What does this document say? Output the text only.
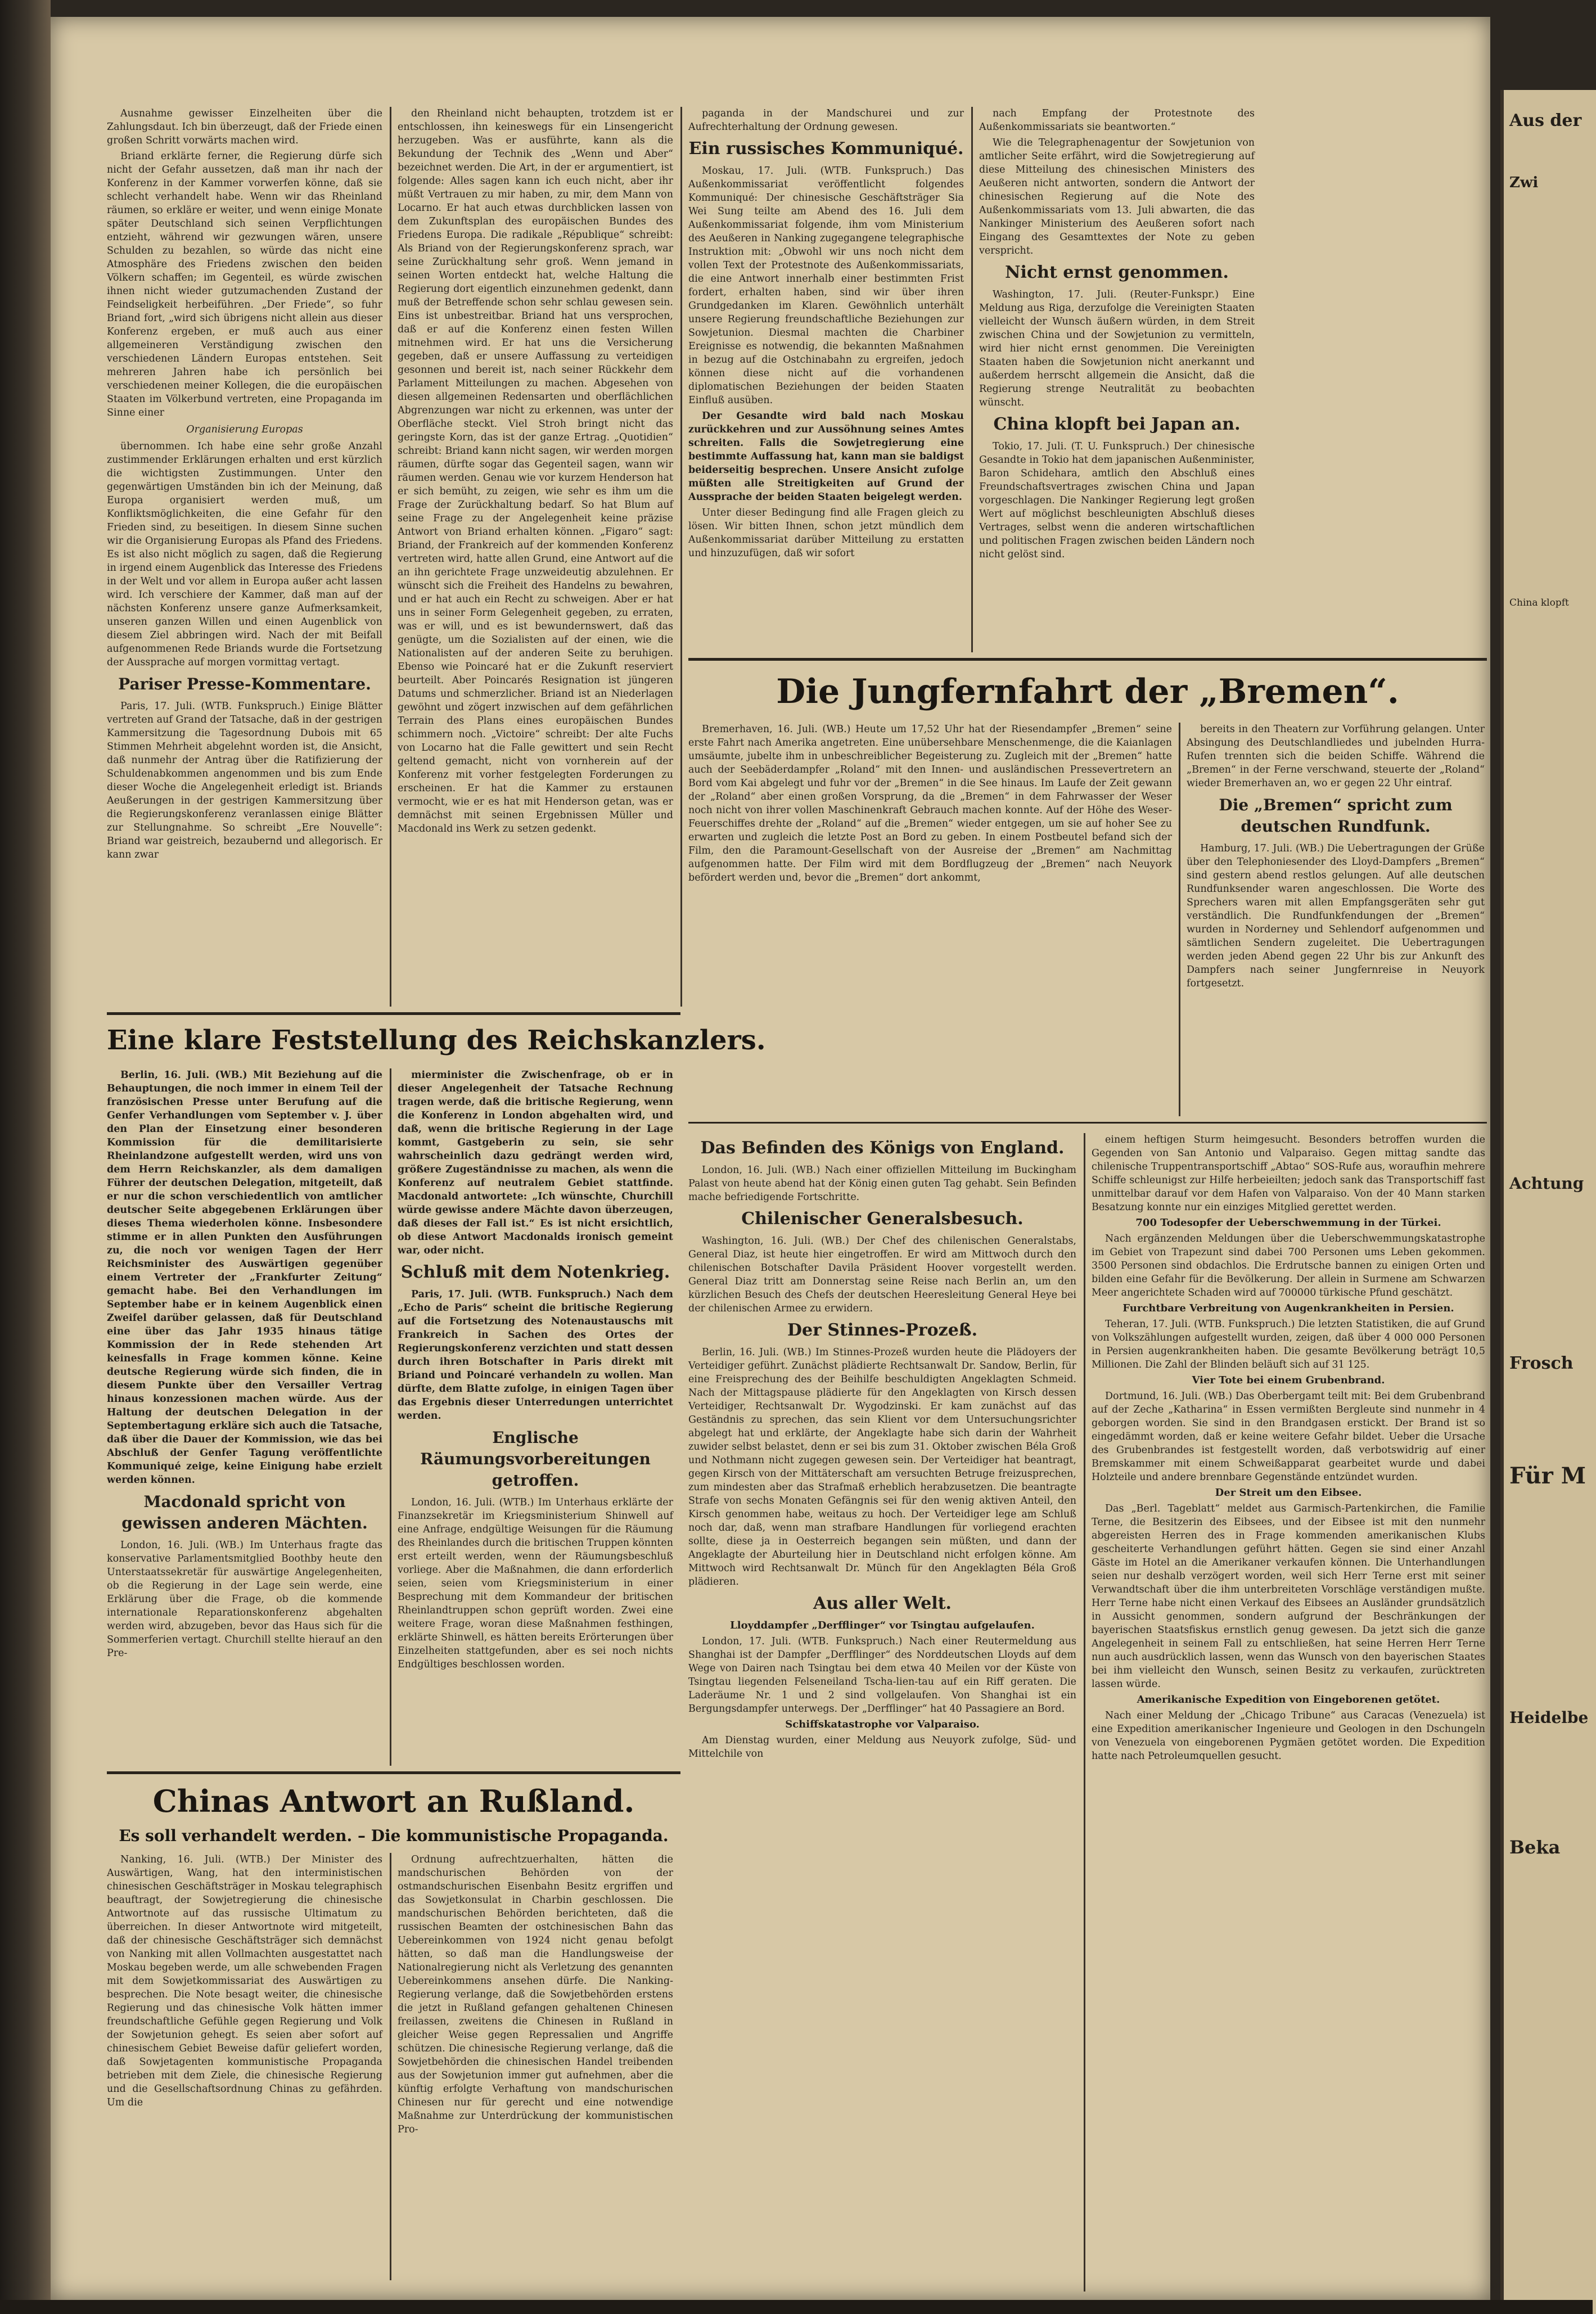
Ausnahme gewisser Einzelheiten über die Zahlungsdaut. Ich bin überzeugt, daß der Friede einen großen Schritt vorwärts machen wird.

Briand erklärte ferner, die Regierung dürfe sich nicht der Gefahr aussetzen, daß man ihr nach der Konferenz in der Kammer vorwerfen könne, daß sie schlecht verhandelt habe. Wenn wir das Rheinland räumen, so erkläre er weiter, und wenn einige Monate später Deutschland sich seinen Verpflichtungen entzieht, während wir gezwungen wären, unsere Schulden zu bezahlen, so würde das nicht eine Atmosphäre des Friedens zwischen den beiden Völkern schaffen; im Gegenteil, es würde zwischen ihnen nicht wieder gutzumachenden Zustand der Feindseligkeit herbeiführen. „Der Friede“, so fuhr Briand fort, „wird sich übrigens nicht allein aus dieser Konferenz ergeben, er muß auch aus einer allgemeineren Verständigung zwischen den verschiedenen Ländern Europas entstehen. Seit mehreren Jahren habe ich persönlich bei verschiedenen meiner Kollegen, die die europäischen Staaten im Völkerbund vertreten, eine Propaganda im Sinne einer

Organisierung Europas

übernommen. Ich habe eine sehr große Anzahl zustimmender Erklärungen erhalten und erst kürzlich die wichtigsten Zustimmungen. Unter den gegenwärtigen Umständen bin ich der Meinung, daß Europa organisiert werden muß, um Konfliktsmöglichkeiten, die eine Gefahr für den Frieden sind, zu beseitigen. In diesem Sinne suchen wir die Organisierung Europas als Pfand des Friedens. Es ist also nicht möglich zu sagen, daß die Regierung in irgend einem Augenblick das Interesse des Friedens in der Welt und vor allem in Europa außer acht lassen wird. Ich verschiere der Kammer, daß man auf der nächsten Konferenz unsere ganze Aufmerksamkeit, unseren ganzen Willen und einen Augenblick von diesem Ziel abbringen wird. Nach der mit Beifall aufgenommenen Rede Briands wurde die Fortsetzung der Aussprache auf morgen vormittag vertagt.

Pariser Presse-Kommentare.

Paris, 17. Juli. (WTB. Funkspruch.) Einige Blätter vertreten auf Grand der Tatsache, daß in der gestrigen Kammersitzung die Tagesordnung Dubois mit 65 Stimmen Mehrheit abgelehnt worden ist, die Ansicht, daß nunmehr der Antrag über die Ratifizierung der Schuldenabkommen angenommen und bis zum Ende dieser Woche die Angelegenheit erledigt ist. Briands Aeußerungen in der gestrigen Kammersitzung über die Regierungskonferenz veranlassen einige Blätter zur Stellungnahme. So schreibt „Ere Nouvelle“: Briand war geistreich, bezaubernd und allegorisch. Er kann zwar

den Rheinland nicht behaupten, trotzdem ist er entschlossen, ihn keineswegs für ein Linsengericht herzugeben. Was er ausführte, kann als die Bekundung der Technik des „Wenn und Aber“ bezeichnet werden. Die Art, in der er argumentiert, ist folgende: Alles sagen kann ich euch nicht, aber ihr müßt Vertrauen zu mir haben, zu mir, dem Mann von Locarno. Er hat auch etwas durchblicken lassen von dem Zukunftsplan des europäischen Bundes des Friedens Europa. Die radikale „République“ schreibt: Als Briand von der Regierungskonferenz sprach, war seine Zurückhaltung sehr groß. Wenn jemand in seinen Worten entdeckt hat, welche Haltung die Regierung dort eigentlich einzunehmen gedenkt, dann muß der Betreffende schon sehr schlau gewesen sein. Eins ist unbestreitbar. Briand hat uns versprochen, daß er auf die Konferenz einen festen Willen mitnehmen wird. Er hat uns die Versicherung gegeben, daß er unsere Auffassung zu verteidigen gesonnen und bereit ist, nach seiner Rückkehr dem Parlament Mitteilungen zu machen. Abgesehen von diesen allgemeinen Redensarten und oberflächlichen Abgrenzungen war nicht zu erkennen, was unter der Oberfläche steckt. Viel Stroh bringt nicht das geringste Korn, das ist der ganze Ertrag. „Quotidien“ schreibt: Briand kann nicht sagen, wir werden morgen räumen, dürfte sogar das Gegenteil sagen, wann wir räumen werden. Genau wie vor kurzem Henderson hat er sich bemüht, zu zeigen, wie sehr es ihm um die Frage der Zurückhaltung bedarf. So hat Blum auf seine Frage zu der Angelegenheit keine präzise Antwort von Briand erhalten können. „Figaro“ sagt: Briand, der Frankreich auf der kommenden Konferenz vertreten wird, hatte allen Grund, eine Antwort auf die an ihn gerichtete Frage unzweideutig abzulehnen. Er wünscht sich die Freiheit des Handelns zu bewahren, und er hat auch ein Recht zu schweigen. Aber er hat uns in seiner Form Gelegenheit gegeben, zu erraten, was er will, und es ist bewundernswert, daß das genügte, um die Sozialisten auf der einen, wie die Nationalisten auf der anderen Seite zu beruhigen. Ebenso wie Poincaré hat er die Zukunft reserviert beurteilt. Aber Poincarés Resignation ist jüngeren Datums und schmerzlicher. Briand ist an Niederlagen gewöhnt und zögert inzwischen auf dem gefährlichen Terrain des Plans eines europäischen Bundes schimmern noch. „Victoire“ schreibt: Der alte Fuchs von Locarno hat die Falle gewittert und sein Recht geltend gemacht, nicht von vornherein auf der Konferenz mit vorher festgelegten Forderungen zu erscheinen. Er hat die Kammer zu erstaunen vermocht, wie er es hat mit Henderson getan, was er demnächst mit seinen Ergebnissen Müller und Macdonald ins Werk zu setzen gedenkt.

paganda in der Mandschurei und zur Aufrechterhaltung der Ordnung gewesen.

Ein russisches Kommuniqué.

Moskau, 17. Juli. (WTB. Funkspruch.) Das Außenkommissariat veröffentlicht folgendes Kommuniqué: Der chinesische Geschäftsträger Sia Wei Sung teilte am Abend des 16. Juli dem Außenkommissariat folgende, ihm vom Ministerium des Aeußeren in Nanking zugegangene telegraphische Instruktion mit: „Obwohl wir uns noch nicht dem vollen Text der Protestnote des Außenkommissariats, die eine Antwort innerhalb einer bestimmten Frist fordert, erhalten haben, sind wir über ihren Grundgedanken im Klaren. Gewöhnlich unterhält unsere Regierung freundschaftliche Beziehungen zur Sowjetunion. Diesmal machten die Charbiner Ereignisse es notwendig, die bekannten Maßnahmen in bezug auf die Ostchinabahn zu ergreifen, jedoch können diese nicht auf die vorhandenen diplomatischen Beziehungen der beiden Staaten Einfluß ausüben.

Der Gesandte wird bald nach Moskau zurückkehren und zur Aussöhnung seines Amtes schreiten. Falls die Sowjetregierung eine bestimmte Auffassung hat, kann man sie baldigst beiderseitig besprechen. Unsere Ansicht zufolge müßten alle Streitigkeiten auf Grund der Aussprache der beiden Staaten beigelegt werden.

Unter dieser Bedingung find alle Fragen gleich zu lösen. Wir bitten Ihnen, schon jetzt mündlich dem Außenkommissariat darüber Mitteilung zu erstatten und hinzuzufügen, daß wir sofort

nach Empfang der Protestnote des Außenkommissariats sie beantworten.“

Wie die Telegraphenagentur der Sowjetunion von amtlicher Seite erfährt, wird die Sowjetregierung auf diese Mitteilung des chinesischen Ministers des Aeußeren nicht antworten, sondern die Antwort der chinesischen Regierung auf die Note des Außenkommissariats vom 13. Juli abwarten, die das Nankinger Ministerium des Aeußeren sofort nach Eingang des Gesamttextes der Note zu geben verspricht.

Nicht ernst genommen.

Washington, 17. Juli. (Reuter-Funkspr.) Eine Meldung aus Riga, derzufolge die Vereinigten Staaten vielleicht der Wunsch äußern würden, in dem Streit zwischen China und der Sowjetunion zu vermitteln, wird hier nicht ernst genommen. Die Vereinigten Staaten haben die Sowjetunion nicht anerkannt und außerdem herrscht allgemein die Ansicht, daß die Regierung strenge Neutralität zu beobachten wünscht.

China klopft bei Japan an.

Tokio, 17. Juli. (T. U. Funkspruch.) Der chinesische Gesandte in Tokio hat dem japanischen Außenminister, Baron Schidehara, amtlich den Abschluß eines Freundschaftsvertrages zwischen China und Japan vorgeschlagen. Die Nankinger Regierung legt großen Wert auf möglichst beschleunigten Abschluß dieses Vertrages, selbst wenn die anderen wirtschaftlichen und politischen Fragen zwischen beiden Ländern noch nicht gelöst sind.

Die Jungfernfahrt der „Bremen“.

Bremerhaven, 16. Juli. (WB.) Heute um 17,52 Uhr hat der Riesendampfer „Bremen“ seine erste Fahrt nach Amerika angetreten. Eine unübersehbare Menschenmenge, die die Kaianlagen umsäumte, jubelte ihm in unbeschreiblicher Begeisterung zu. Zugleich mit der „Bremen“ hatte auch der Seebäderdampfer „Roland“ mit den Innen- und ausländischen Pressevertretern an Bord vom Kai abgelegt und fuhr vor der „Bremen“ in die See hinaus. Im Laufe der Zeit gewann der „Roland“ aber einen großen Vorsprung, da die „Bremen“ in dem Fahrwasser der Weser noch nicht von ihrer vollen Maschinenkraft Gebrauch machen konnte. Auf der Höhe des Weser-Feuerschiffes drehte der „Roland“ auf die „Bremen“ wieder entgegen, um sie auf hoher See zu erwarten und zugleich die letzte Post an Bord zu geben. In einem Postbeutel befand sich der Film, den die Paramount-Gesellschaft von der Ausreise der „Bremen“ am Nachmittag aufgenommen hatte. Der Film wird mit dem Bordflugzeug der „Bremen“ nach Neuyork befördert werden und, bevor die „Bremen“ dort ankommt,

bereits in den Theatern zur Vorführung gelangen. Unter Absingung des Deutschlandliedes und jubelnden Hurra-Rufen trennten sich die beiden Schiffe. Während die „Bremen“ in der Ferne verschwand, steuerte der „Roland“ wieder Bremerhaven an, wo er gegen 22 Uhr eintraf.

Die „Bremen“ spricht zum deutschen Rundfunk.

Hamburg, 17. Juli. (WB.) Die Uebertragungen der Grüße über den Telephoniesender des Lloyd-Dampfers „Bremen“ sind gestern abend restlos gelungen. Auf alle deutschen Rundfunksender waren angeschlossen. Die Worte des Sprechers waren mit allen Empfangsgeräten sehr gut verständlich. Die Rundfunkfendungen der „Bremen“ wurden in Norderney und Sehlendorf aufgenommen und sämtlichen Sendern zugeleitet. Die Uebertragungen werden jeden Abend gegen 22 Uhr bis zur Ankunft des Dampfers nach seiner Jungfernreise in Neuyork fortgesetzt.

Eine klare Feststellung des Reichskanzlers.

Berlin, 16. Juli. (WB.) Mit Beziehung auf die Behauptungen, die noch immer in einem Teil der französischen Presse unter Berufung auf die Genfer Verhandlungen vom September v. J. über den Plan der Einsetzung einer besonderen Kommission für die demilitarisierte Rheinlandzone aufgestellt werden, wird uns von dem Herrn Reichskanzler, als dem damaligen Führer der deutschen Delegation, mitgeteilt, daß er nur die schon verschiedentlich von amtlicher deutscher Seite abgegebenen Erklärungen über dieses Thema wiederholen könne. Insbesondere stimme er in allen Punkten den Ausführungen zu, die noch vor wenigen Tagen der Herr Reichsminister des Auswärtigen gegenüber einem Vertreter der „Frankfurter Zeitung“ gemacht habe. Bei den Verhandlungen im September habe er in keinem Augenblick einen Zweifel darüber gelassen, daß für Deutschland eine über das Jahr 1935 hinaus tätige Kommission der in Rede stehenden Art keinesfalls in Frage kommen könne. Keine deutsche Regierung würde sich finden, die in diesem Punkte über den Versailler Vertrag hinaus konzessionen machen würde. Aus der Haltung der deutschen Delegation in der Septembertagung erkläre sich auch die Tatsache, daß über die Dauer der Kommission, wie das bei Abschluß der Genfer Tagung veröffentlichte Kommuniqué zeige, keine Einigung habe erzielt werden können.

Macdonald spricht von gewissen anderen Mächten.

London, 16. Juli. (WB.) Im Unterhaus fragte das konservative Parlamentsmitglied Boothby heute den Unterstaatssekretär für auswärtige Angelegenheiten, ob die Regierung in der Lage sein werde, eine Erklärung über die Frage, ob die kommende internationale Reparationskonferenz abgehalten werden wird, abzugeben, bevor das Haus sich für die Sommerferien vertagt. Churchill stellte hierauf an den Pre-

mierminister die Zwischenfrage, ob er in dieser Angelegenheit der Tatsache Rechnung tragen werde, daß die britische Regierung, wenn die Konferenz in London abgehalten wird, und daß, wenn die britische Regierung in der Lage kommt, Gastgeberin zu sein, sie sehr wahrscheinlich dazu gedrängt werden wird, größere Zugeständnisse zu machen, als wenn die Konferenz auf neutralem Gebiet stattfinde. Macdonald antwortete: „Ich wünschte, Churchill würde gewisse andere Mächte davon überzeugen, daß dieses der Fall ist.“ Es ist nicht ersichtlich, ob diese Antwort Macdonalds ironisch gemeint war, oder nicht.

Schluß mit dem Notenkrieg.

Paris, 17. Juli. (WTB. Funkspruch.) Nach dem „Echo de Paris“ scheint die britische Regierung auf die Fortsetzung des Notenaustauschs mit Frankreich in Sachen des Ortes der Regierungskonferenz verzichten und statt dessen durch ihren Botschafter in Paris direkt mit Briand und Poincaré verhandeln zu wollen. Man dürfte, dem Blatte zufolge, in einigen Tagen über das Ergebnis dieser Unterredungen unterrichtet werden.

Englische Räumungsvorbereitungen getroffen.

London, 16. Juli. (WTB.) Im Unterhaus erklärte der Finanzsekretär im Kriegsministerium Shinwell auf eine Anfrage, endgültige Weisungen für die Räumung des Rheinlandes durch die britischen Truppen könnten erst erteilt werden, wenn der Räumungsbeschluß vorliege. Aber die Maßnahmen, die dann erforderlich seien, seien vom Kriegsministerium in einer Besprechung mit dem Kommandeur der britischen Rheinlandtruppen schon geprüft worden. Zwei eine weitere Frage, woran diese Maßnahmen festhingen, erklärte Shinwell, es hätten bereits Erörterungen über Einzelheiten stattgefunden, aber es sei noch nichts Endgültiges beschlossen worden.

Chinas Antwort an Rußland.
Es soll verhandelt werden. – Die kommunistische Propaganda.

Nanking, 16. Juli. (WTB.) Der Minister des Auswärtigen, Wang, hat den interministischen chinesischen Geschäftsträger in Moskau telegraphisch beauftragt, der Sowjetregierung die chinesische Antwortnote auf das russische Ultimatum zu überreichen. In dieser Antwortnote wird mitgeteilt, daß der chinesische Geschäftsträger sich demnächst von Nanking mit allen Vollmachten ausgestattet nach Moskau begeben werde, um alle schwebenden Fragen mit dem Sowjetkommissariat des Auswärtigen zu besprechen. Die Note besagt weiter, die chinesische Regierung und das chinesische Volk hätten immer freundschaftliche Gefühle gegen Regierung und Volk der Sowjetunion gehegt. Es seien aber sofort auf chinesischem Gebiet Beweise dafür geliefert worden, daß Sowjetagenten kommunistische Propaganda betrieben mit dem Ziele, die chinesische Regierung und die Gesellschaftsordnung Chinas zu gefährden. Um die

Ordnung aufrechtzuerhalten, hätten die mandschurischen Behörden von der ostmandschurischen Eisenbahn Besitz ergriffen und das Sowjetkonsulat in Charbin geschlossen. Die mandschurischen Behörden berichteten, daß die russischen Beamten der ostchinesischen Bahn das Uebereinkommen von 1924 nicht genau befolgt hätten, so daß man die Handlungsweise der Nationalregierung nicht als Verletzung des genannten Uebereinkommens ansehen dürfe. Die Nanking-Regierung verlange, daß die Sowjetbehörden erstens die jetzt in Rußland gefangen gehaltenen Chinesen freilassen, zweitens die Chinesen in Rußland in gleicher Weise gegen Repressalien und Angriffe schützen. Die chinesische Regierung verlange, daß die Sowjetbehörden die chinesischen Handel treibenden aus der Sowjetunion immer gut aufnehmen, aber die künftig erfolgte Verhaftung von mandschurischen Chinesen nur für gerecht und eine notwendige Maßnahme zur Unterdrückung der kommunistischen Pro-

Das Befinden des Königs von England.

London, 16. Juli. (WB.) Nach einer offiziellen Mitteilung im Buckingham Palast von heute abend hat der König einen guten Tag gehabt. Sein Befinden mache befriedigende Fortschritte.

Chilenischer Generalsbesuch.

Washington, 16. Juli. (WB.) Der Chef des chilenischen Generalstabs, General Diaz, ist heute hier eingetroffen. Er wird am Mittwoch durch den chilenischen Botschafter Davila Präsident Hoover vorgestellt werden. General Diaz tritt am Donnerstag seine Reise nach Berlin an, um den kürzlichen Besuch des Chefs der deutschen Heeresleitung General Heye bei der chilenischen Armee zu erwidern.

Der Stinnes-Prozeß.

Berlin, 16. Juli. (WB.) Im Stinnes-Prozeß wurden heute die Plädoyers der Verteidiger geführt. Zunächst plädierte Rechtsanwalt Dr. Sandow, Berlin, für eine Freisprechung des der Beihilfe beschuldigten Angeklagten Schmeid. Nach der Mittagspause plädierte für den Angeklagten von Kirsch dessen Verteidiger, Rechtsanwalt Dr. Wygodzinski. Er kam zunächst auf das Geständnis zu sprechen, das sein Klient vor dem Untersuchungsrichter abgelegt hat und erklärte, der Angeklagte habe sich darin der Wahrheit zuwider selbst belastet, denn er sei bis zum 31. Oktober zwischen Béla Groß und Nothmann nicht zugegen gewesen sein. Der Verteidiger hat beantragt, gegen Kirsch von der Mittäterschaft am versuchten Betruge freizusprechen, zum mindesten aber das Strafmaß erheblich herabzusetzen. Die beantragte Strafe von sechs Monaten Gefängnis sei für den wenig aktiven Anteil, den Kirsch genommen habe, weitaus zu hoch. Der Verteidiger lege am Schluß noch dar, daß, wenn man strafbare Handlungen für vorliegend erachten sollte, diese ja in Oesterreich begangen sein müßten, und dann der Angeklagte der Aburteilung hier in Deutschland nicht erfolgen könne. Am Mittwoch wird Rechtsanwalt Dr. Münch für den Angeklagten Béla Groß plädieren.

Aus aller Welt.
Lloyddampfer „Derfflinger“ vor Tsingtau aufgelaufen.

London, 17. Juli. (WTB. Funkspruch.) Nach einer Reutermeldung aus Shanghai ist der Dampfer „Derfflinger“ des Norddeutschen Lloyds auf dem Wege von Dairen nach Tsingtau bei dem etwa 40 Meilen vor der Küste von Tsingtau liegenden Felseneiland Tscha-lien-tau auf ein Riff geraten. Die Laderäume Nr. 1 und 2 sind vollgelaufen. Von Shanghai ist ein Bergungsdampfer unterwegs. Der „Derfflinger“ hat 40 Passagiere an Bord.

Schiffskatastrophe vor Valparaiso.

Am Dienstag wurden, einer Meldung aus Neuyork zufolge, Süd- und Mittelchile von

einem heftigen Sturm heimgesucht. Besonders betroffen wurden die Gegenden von San Antonio und Valparaiso. Gegen mittag sandte das chilenische Truppentransportschiff „Abtao“ SOS-Rufe aus, woraufhin mehrere Schiffe schleunigst zur Hilfe herbeieilten; jedoch sank das Transportschiff fast unmittelbar darauf vor dem Hafen von Valparaiso. Von der 40 Mann starken Besatzung konnte nur ein einziges Mitglied gerettet werden.

700 Todesopfer der Ueberschwemmung in der Türkei.

Nach ergänzenden Meldungen über die Ueberschwemmungskatastrophe im Gebiet von Trapezunt sind dabei 700 Personen ums Leben gekommen. 3500 Personen sind obdachlos. Die Erdrutsche bannen zu einigen Orten und bilden eine Gefahr für die Bevölkerung. Der allein in Surmene am Schwarzen Meer angerichtete Schaden wird auf 700000 türkische Pfund geschätzt.

Furchtbare Verbreitung von Augenkrankheiten in Persien.

Teheran, 17. Juli. (WTB. Funkspruch.) Die letzten Statistiken, die auf Grund von Volkszählungen aufgestellt wurden, zeigen, daß über 4 000 000 Personen in Persien augenkrankheiten haben. Die gesamte Bevölkerung beträgt 10,5 Millionen. Die Zahl der Blinden beläuft sich auf 31 125.

Vier Tote bei einem Grubenbrand.

Dortmund, 16. Juli. (WB.) Das Oberbergamt teilt mit: Bei dem Grubenbrand auf der Zeche „Katharina“ in Essen vermißten Bergleute sind nunmehr in 4 geborgen worden. Sie sind in den Brandgasen erstickt. Der Brand ist so eingedämmt worden, daß er keine weitere Gefahr bildet. Ueber die Ursache des Grubenbrandes ist festgestellt worden, daß verbotswidrig auf einer Bremskammer mit einem Schweißapparat gearbeitet wurde und dabei Holzteile und andere brennbare Gegenstände entzündet wurden.

Der Streit um den Eibsee.

Das „Berl. Tageblatt“ meldet aus Garmisch-Partenkirchen, die Familie Terne, die Besitzerin des Eibsees, und der Eibsee ist mit den nunmehr abgereisten Herren des in Frage kommenden amerikanischen Klubs gescheiterte Verhandlungen geführt hätten. Gegen sie sind einer Anzahl Gäste im Hotel an die Amerikaner verkaufen können. Die Unterhandlungen seien nur deshalb verzögert worden, weil sich Herr Terne erst mit seiner Verwandtschaft über die ihm unterbreiteten Vorschläge verständigen mußte. Herr Terne habe nicht einen Verkauf des Eibsees an Ausländer grundsätzlich in Aussicht genommen, sondern aufgrund der Beschränkungen der bayerischen Staatsfiskus ernstlich genug gewesen. Da jetzt sich die ganze Angelegenheit in seinem Fall zu entschließen, hat seine Herren Herr Terne nun auch ausdrücklich lassen, wenn das Wunsch von den bayerischen Staates bei ihm vielleicht den Wunsch, seinen Besitz zu verkaufen, zurücktreten lassen würde.

Amerikanische Expedition von Eingeborenen getötet.

Nach einer Meldung der „Chicago Tribune“ aus Caracas (Venezuela) ist eine Expedition amerikanischer Ingenieure und Geologen in den Dschungeln von Venezuela von eingeborenen Pygmäen getötet worden. Die Expedition hatte nach Petroleumquellen gesucht.

Aus der
Zwi
China klopft
Achtung
Frosch
Für M
Heidelbe
Beka
